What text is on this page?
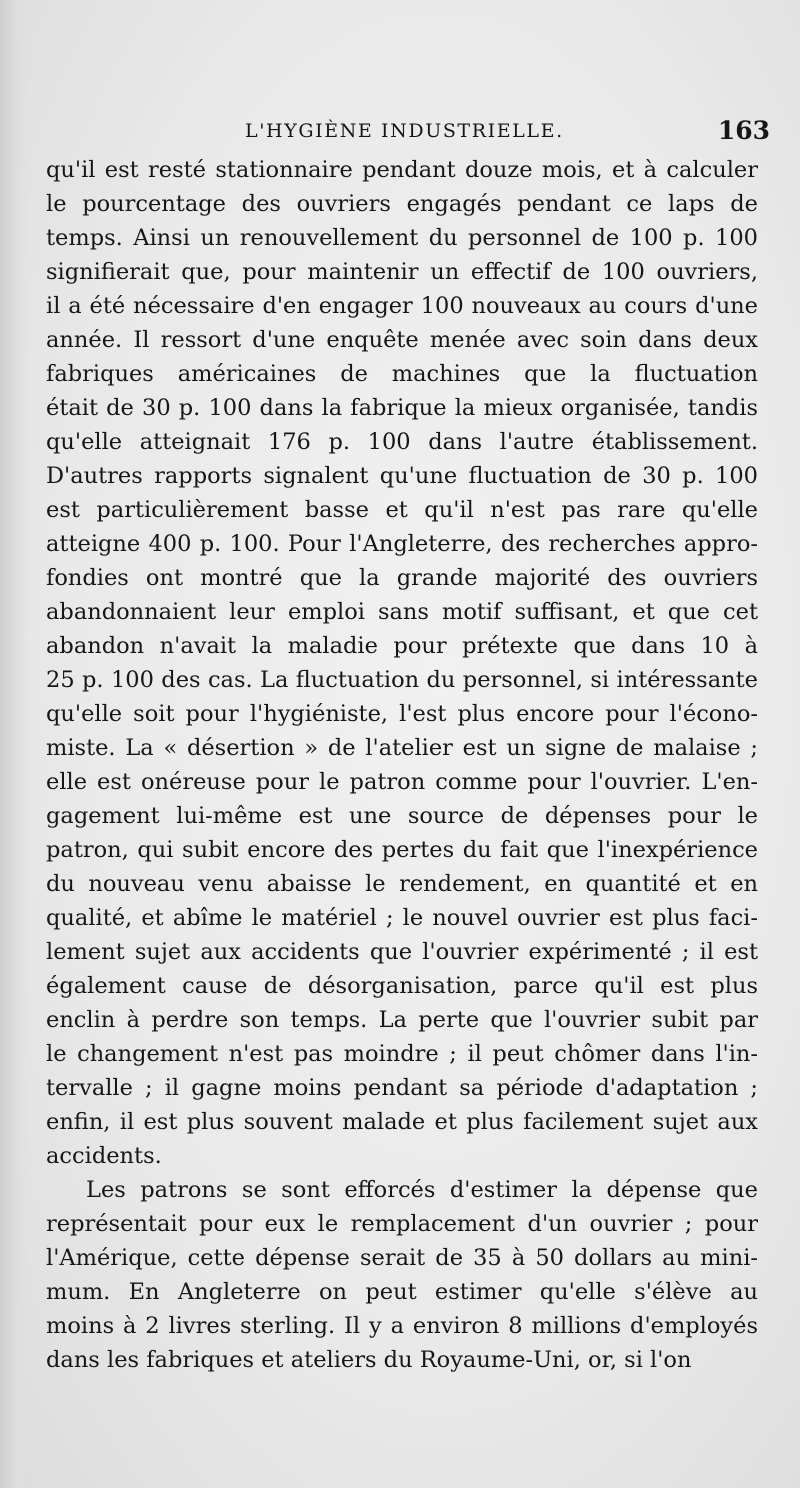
L'HYGIÈNE INDUSTRIELLE.	163
qu'il est resté stationnaire pendant douze mois, et à calculer
le pourcentage des ouvriers engagés pendant ce laps de
temps. Ainsi un renouvellement du personnel de 100 p. 100
signifierait que, pour maintenir un effectif de 100 ouvriers,
il a été nécessaire d'en engager 100 nouveaux au cours d'une
année. Il ressort d'une enquête menée avec soin dans deux
fabriques américaines de machines que la fluctuation
était de 30 p. 100 dans la fabrique la mieux organisée, tandis
qu'elle atteignait 176 p. 100 dans l'autre établissement.
D'autres rapports signalent qu'une fluctuation de 30 p. 100
est particulièrement basse et qu'il n'est pas rare qu'elle
atteigne 400 p. 100. Pour l'Angleterre, des recherches appro-
fondies ont montré que la grande majorité des ouvriers
abandonnaient leur emploi sans motif suffisant, et que cet
abandon n'avait la maladie pour prétexte que dans 10 à
25 p. 100 des cas. La fluctuation du personnel, si intéressante
qu'elle soit pour l'hygiéniste, l'est plus encore pour l'écono-
miste. La « désertion » de l'atelier est un signe de malaise ;
elle est onéreuse pour le patron comme pour l'ouvrier. L'en-
gagement lui-même est une source de dépenses pour le
patron, qui subit encore des pertes du fait que l'inexpérience
du nouveau venu abaisse le rendement, en quantité et en
qualité, et abîme le matériel ; le nouvel ouvrier est plus faci-
lement sujet aux accidents que l'ouvrier expérimenté ; il est
également cause de désorganisation, parce qu'il est plus
enclin à perdre son temps. La perte que l'ouvrier subit par
le changement n'est pas moindre ; il peut chômer dans l'in-
tervalle ; il gagne moins pendant sa période d'adaptation ;
enfin, il est plus souvent malade et plus facilement sujet aux
accidents.
Les patrons se sont efforcés d'estimer la dépense que
représentait pour eux le remplacement d'un ouvrier ; pour
l'Amérique, cette dépense serait de 35 à 50 dollars au mini-
mum. En Angleterre on peut estimer qu'elle s'élève au
moins à 2 livres sterling. Il y a environ 8 millions d'employés
dans les fabriques et ateliers du Royaume-Uni, or, si l'on
